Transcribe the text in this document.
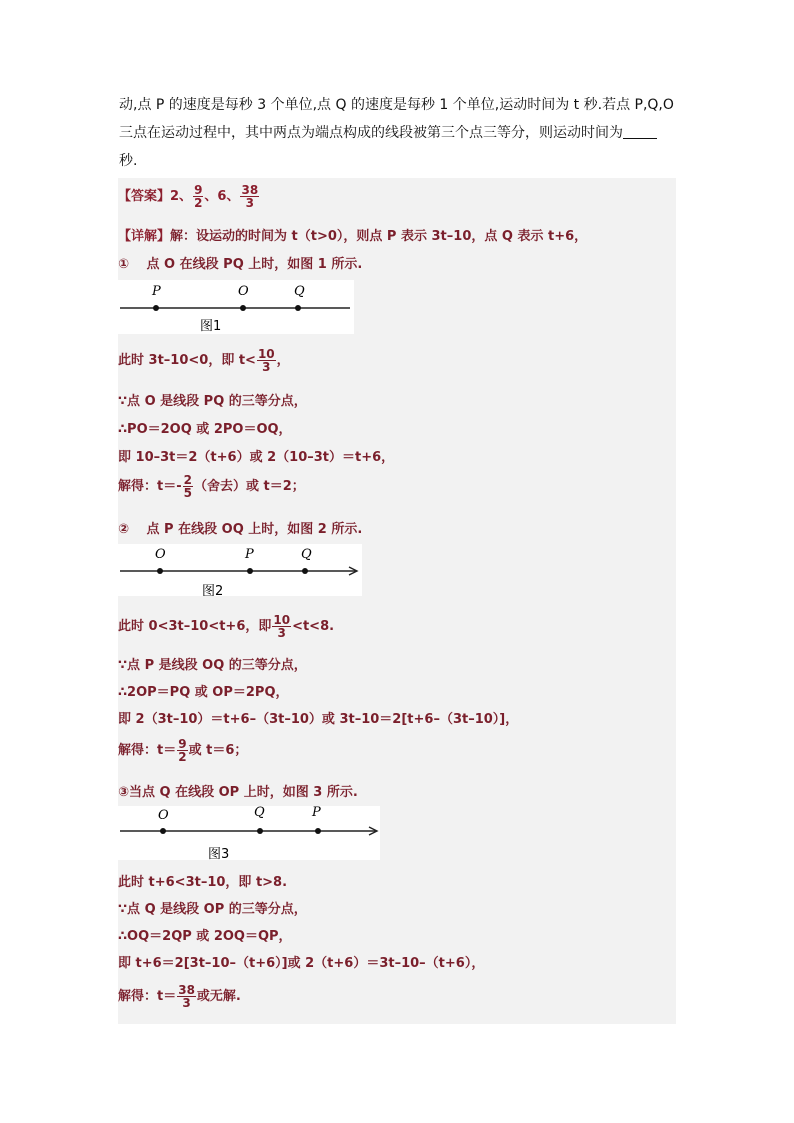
动,点 P 的速度是每秒 3 个单位,点 Q 的速度是每秒 1 个单位,运动时间为 t 秒.若点 P,Q,O
三点在运动过程中，其中两点为端点构成的线段被第三个点三等分，则运动时间为
秒.
【答案】2、 $\frac{9}{2}$ 、6、 $\frac{38}{3}$
【详解】解：设运动的时间为 t（t>0），则点 P 表示 3t–10，点 Q 表示 t+6，
①　 点 O 在线段 PQ 上时，如图 1 所示.
P	O	Q
图1
此时 3t–10<0，即 $t< \frac{10}{3}$ ，
∵点 O 是线段 PQ 的三等分点，
∴PO＝2OQ 或 2PO＝OQ，
即 10–3t＝2（t+6）或 2（10–3t）＝t+6，
解得：$t=- \frac{2}{5}$ （舍去）或 t＝2；
②　 点 P 在线段 OQ 上时，如图 2 所示.
O	P	Q
图2
此时 0<3t–10<t+6，即 $\frac{10}{3} <t<8$.
∵点 P 是线段 OQ 的三等分点，
∴2OP＝PQ 或 OP＝2PQ，
即 2（3t–10）＝t+6–（3t–10）或 3t–10＝2[t+6–（3t–10）]，
解得：$t= \frac{9}{2}$ 或 t＝6；
③当点 Q 在线段 OP 上时，如图 3 所示.
O	Q	P
图3
此时 t+6<3t–10，即 t>8.
∵点 Q 是线段 OP 的三等分点，
∴OQ＝2QP 或 2OQ＝QP，
即 t+6＝2[3t–10–（t+6）]或 2（t+6）＝3t–10–（t+6），
解得：$t= \frac{38}{3}$ 或无解.
